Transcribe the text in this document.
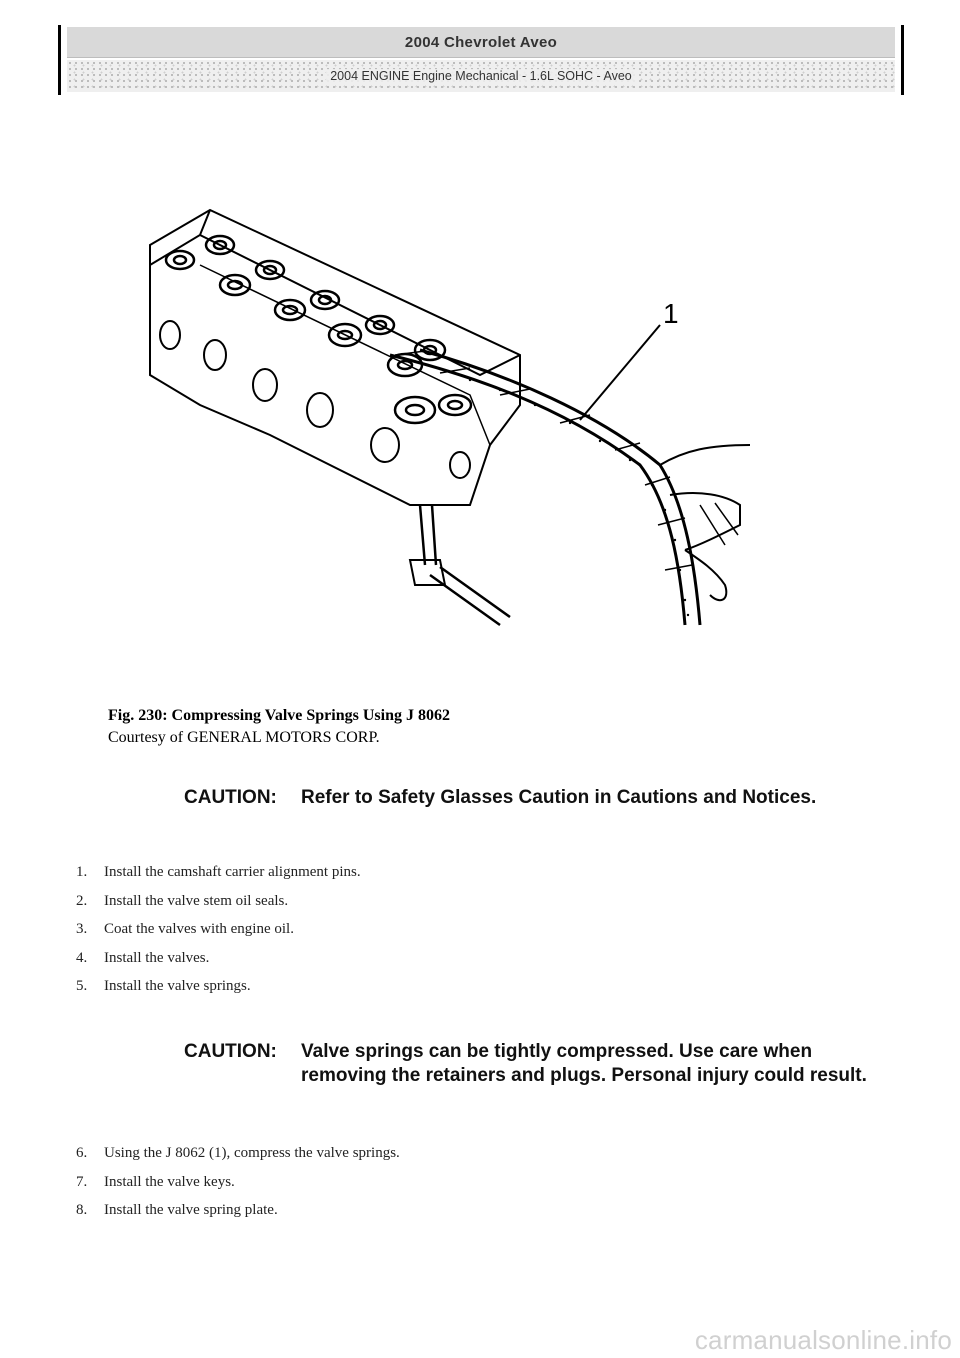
2004 Chevrolet Aveo
2004 ENGINE Engine Mechanical - 1.6L SOHC - Aveo
1
Fig. 230: Compressing Valve Springs Using J 8062
Courtesy of GENERAL MOTORS CORP.
CAUTION: Refer to Safety Glasses Caution in Cautions and Notices.
1. Install the camshaft carrier alignment pins.
2. Install the valve stem oil seals.
3. Coat the valves with engine oil.
4. Install the valves.
5. Install the valve springs.
CAUTION: Valve springs can be tightly compressed. Use care when removing the retainers and plugs. Personal injury could result.
6. Using the J 8062 (1), compress the valve springs.
7. Install the valve keys.
8. Install the valve spring plate.
carmanualsonline.info
